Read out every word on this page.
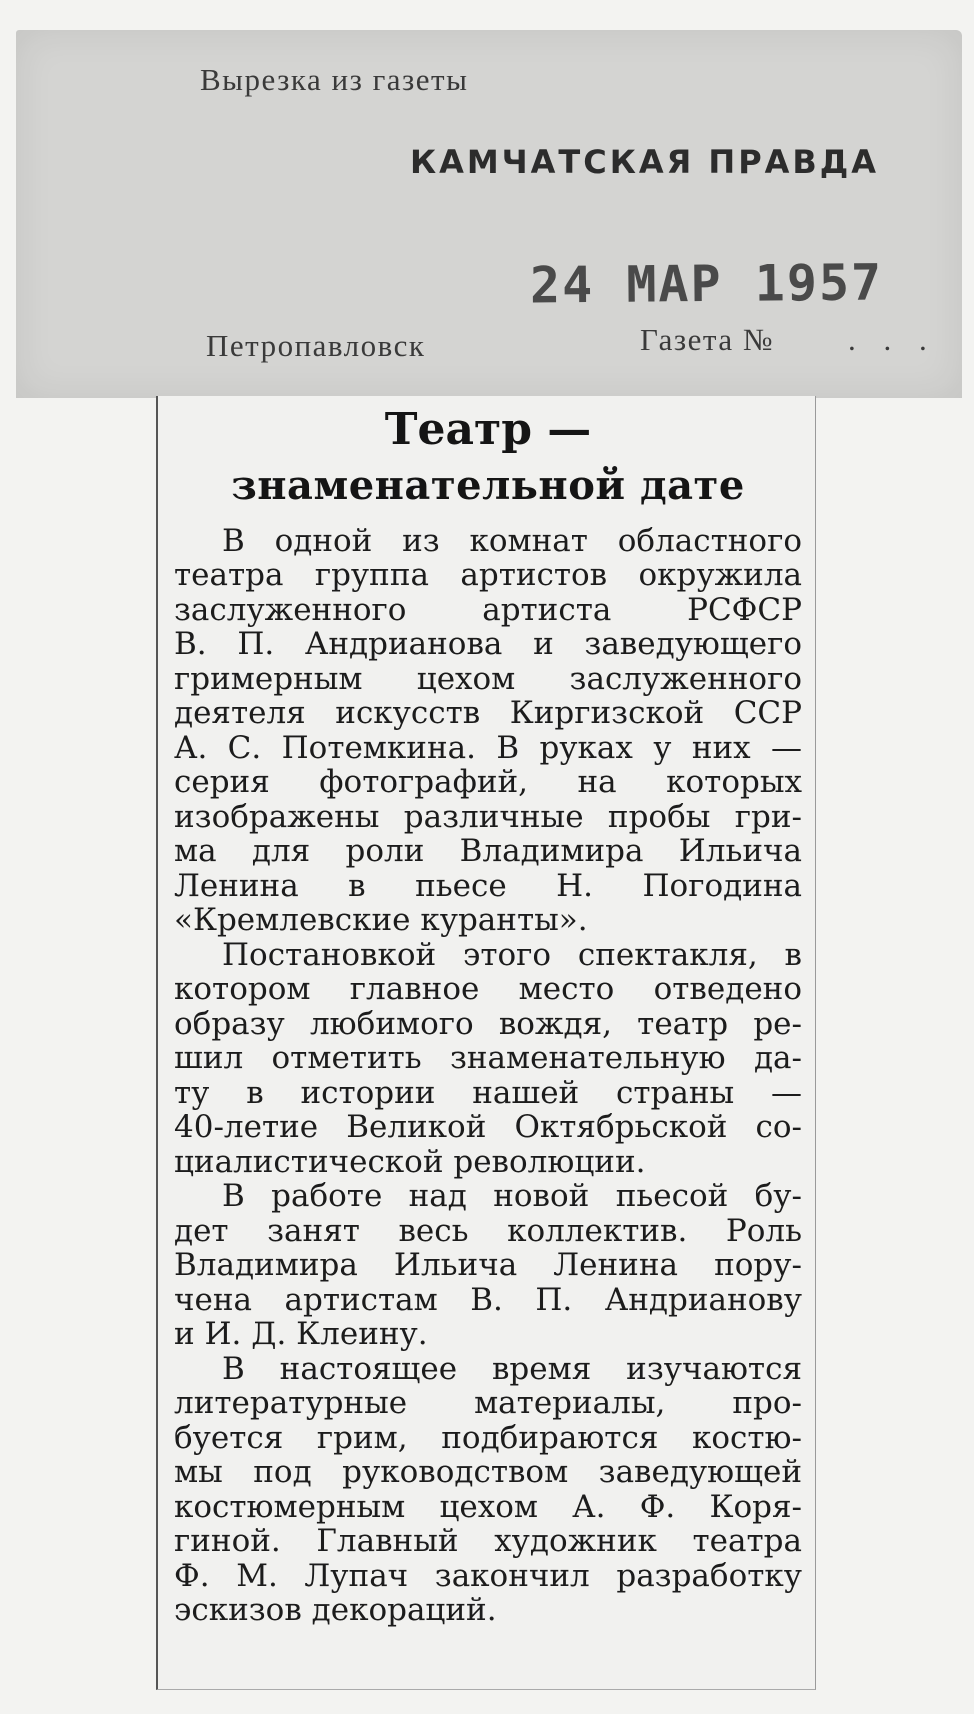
Вырезка из газеты
КАМЧАТСКАЯ ПРАВДА
24 МАР 1957
Петропавловск	Газета № . . .
Театр —
знаменательной дате
В одной из комнат областного
театра группа артистов окружила
заслуженного артиста РСФСР
В. П. Андрианова и заведующего
гримерным цехом заслуженного
деятеля искусств Киргизской ССР
А. С. Потемкина. В руках у них —
серия фотографий, на которых
изображены различные пробы гри-
ма для роли Владимира Ильича
Ленина в пьесе Н. Погодина
«Кремлевские куранты».
Постановкой этого спектакля, в
котором главное место отведено
образу любимого вождя, театр ре-
шил отметить знаменательную да-
ту в истории нашей страны —
40-летие Великой Октябрьской со-
циалистической революции.
В работе над новой пьесой бу-
дет занят весь коллектив. Роль
Владимира Ильича Ленина пору-
чена артистам В. П. Андрианову
и И. Д. Клеину.
В настоящее время изучаются
литературные материалы, про-
буется грим, подбираются костю-
мы под руководством заведующей
костюмерным цехом А. Ф. Коря-
гиной. Главный художник театра
Ф. М. Лупач закончил разработку
эскизов декораций.
